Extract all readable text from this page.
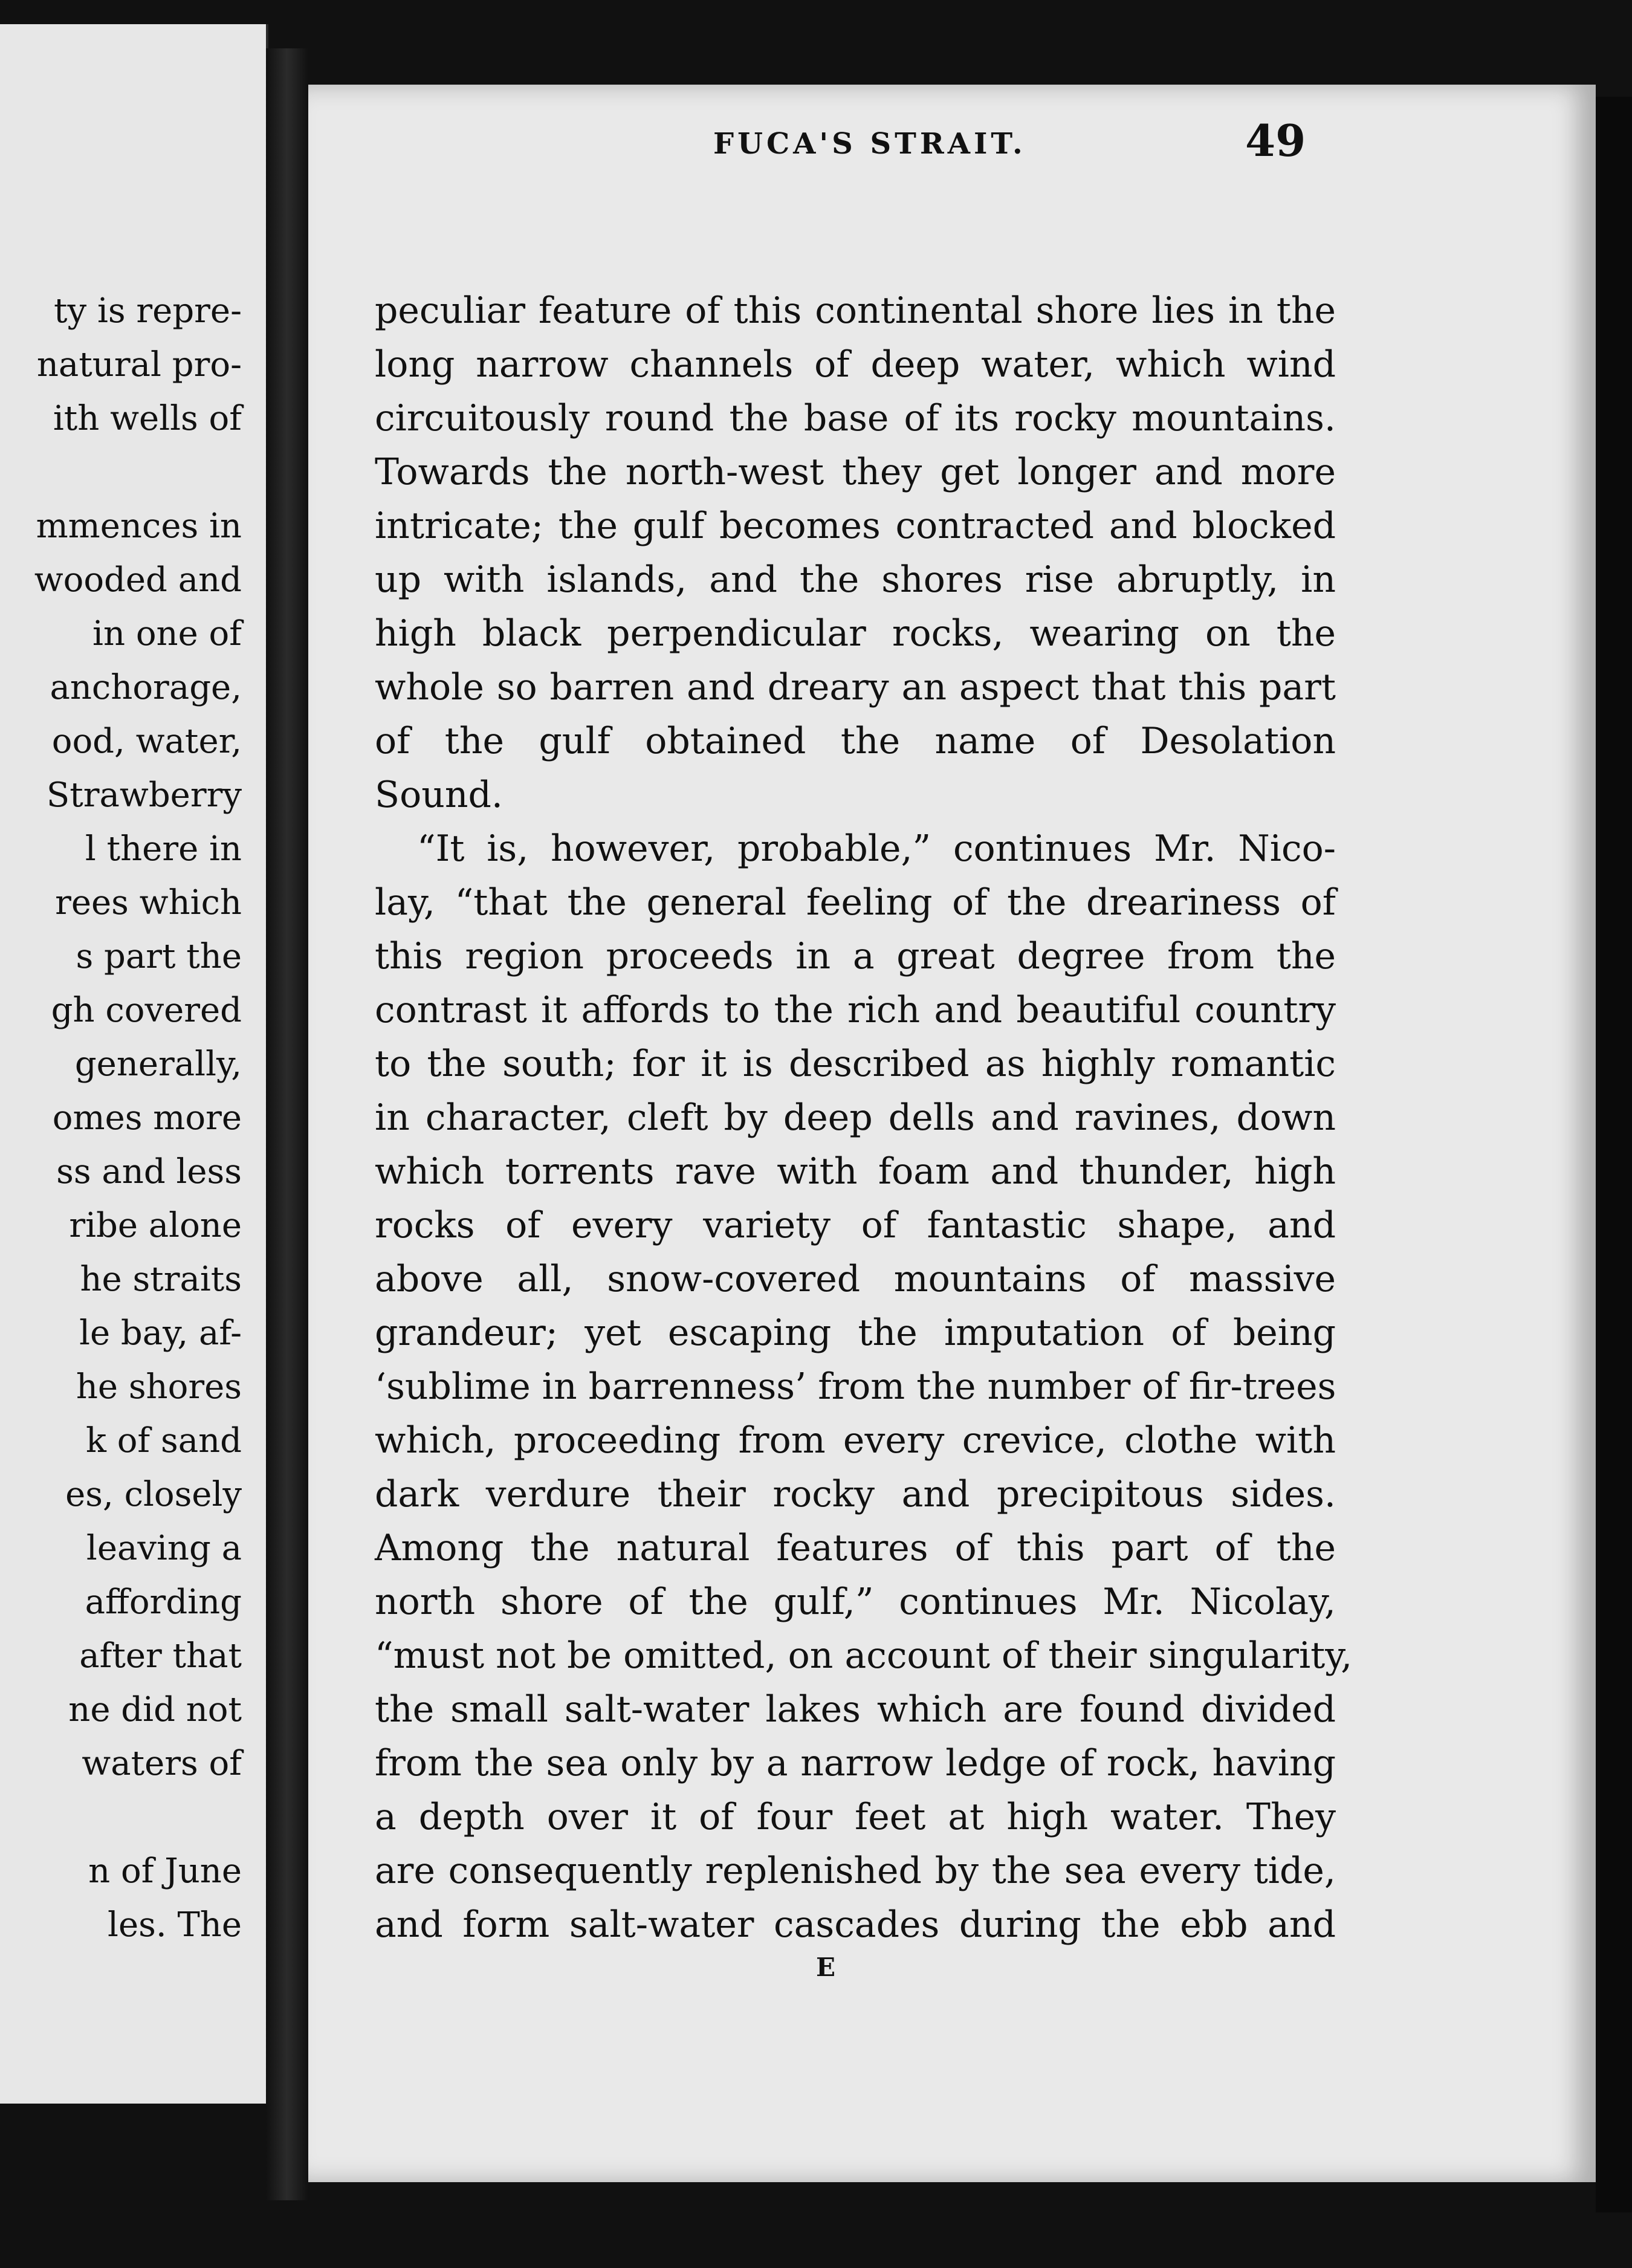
ty is repre-
natural pro-
ith wells of
mmences in
wooded and
in one of
anchorage,
ood, water,
Strawberry
l there in
rees which
s part the
gh covered
generally,
omes more
ss and less
ribe alone
he straits
le bay, af-
he shores
k of sand
es, closely
leaving a
affording
after that
ne did not
waters of
n of June
les. The
FUCA'S STRAIT.	49
peculiar feature of this continental shore lies in the
long narrow channels of deep water, which wind
circuitously round the base of its rocky mountains.
Towards the north-west they get longer and more
intricate; the gulf becomes contracted and blocked
up with islands, and the shores rise abruptly, in
high black perpendicular rocks, wearing on the
whole so barren and dreary an aspect that this part
of the gulf obtained the name of Desolation
Sound.
“It is, however, probable,” continues Mr. Nico-
lay, “that the general feeling of the dreariness of
this region proceeds in a great degree from the
contrast it affords to the rich and beautiful country
to the south; for it is described as highly romantic
in character, cleft by deep dells and ravines, down
which torrents rave with foam and thunder, high
rocks of every variety of fantastic shape, and
above all, snow-covered mountains of massive
grandeur; yet escaping the imputation of being
‘sublime in barrenness’ from the number of fir-trees
which, proceeding from every crevice, clothe with
dark verdure their rocky and precipitous sides.
Among the natural features of this part of the
north shore of the gulf,” continues Mr. Nicolay,
“must not be omitted, on account of their singularity,
the small salt-water lakes which are found divided
from the sea only by a narrow ledge of rock, having
a depth over it of four feet at high water. They
are consequently replenished by the sea every tide,
and form salt-water cascades during the ebb and
E
